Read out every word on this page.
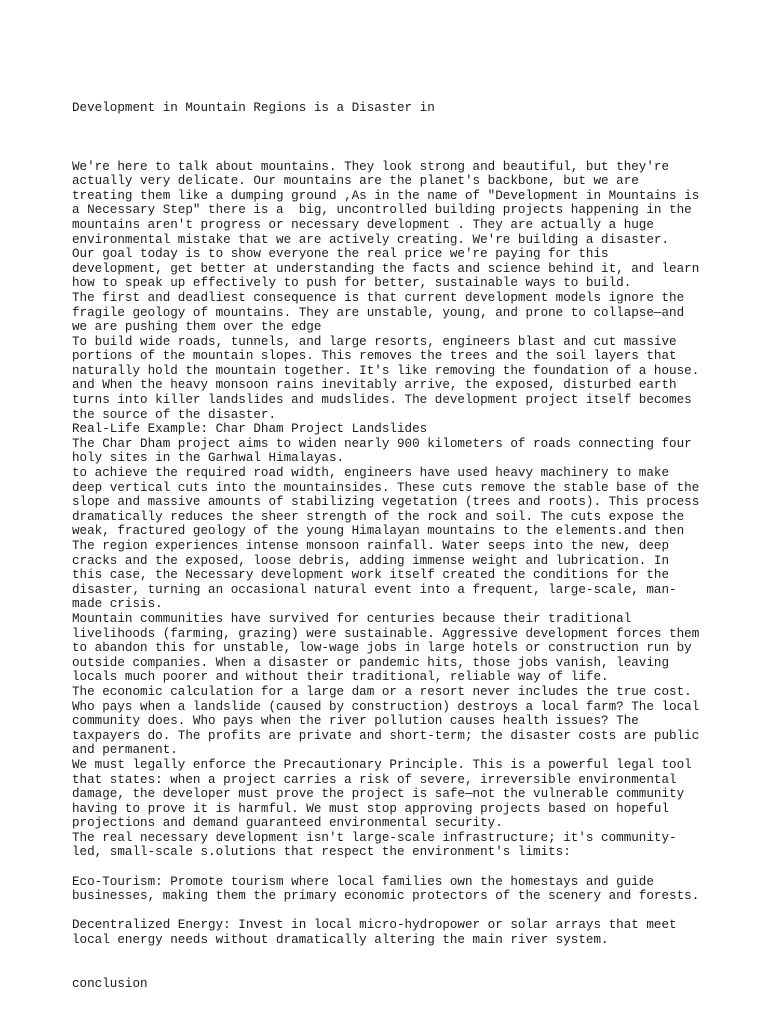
Development in Mountain Regions is a Disaster in

We're here to talk about mountains. They look strong and beautiful, but they're
actually very delicate. Our mountains are the planet's backbone, but we are
treating them like a dumping ground ,As in the name of "Development in Mountains is
a Necessary Step" there is a  big, uncontrolled building projects happening in the
mountains aren't progress or necessary development . They are actually a huge
environmental mistake that we are actively creating. We're building a disaster.
Our goal today is to show everyone the real price we're paying for this
development, get better at understanding the facts and science behind it, and learn
how to speak up effectively to push for better, sustainable ways to build.
The first and deadliest consequence is that current development models ignore the
fragile geology of mountains. They are unstable, young, and prone to collapse—and
we are pushing them over the edge
To build wide roads, tunnels, and large resorts, engineers blast and cut massive
portions of the mountain slopes. This removes the trees and the soil layers that
naturally hold the mountain together. It's like removing the foundation of a house.
and When the heavy monsoon rains inevitably arrive, the exposed, disturbed earth
turns into killer landslides and mudslides. The development project itself becomes
the source of the disaster.
Real-Life Example: Char Dham Project Landslides
The Char Dham project aims to widen nearly 900 kilometers of roads connecting four
holy sites in the Garhwal Himalayas.
to achieve the required road width, engineers have used heavy machinery to make
deep vertical cuts into the mountainsides. These cuts remove the stable base of the
slope and massive amounts of stabilizing vegetation (trees and roots). This process
dramatically reduces the sheer strength of the rock and soil. The cuts expose the
weak, fractured geology of the young Himalayan mountains to the elements.and then
The region experiences intense monsoon rainfall. Water seeps into the new, deep
cracks and the exposed, loose debris, adding immense weight and lubrication. In
this case, the Necessary development work itself created the conditions for the
disaster, turning an occasional natural event into a frequent, large-scale, man-
made crisis.
Mountain communities have survived for centuries because their traditional
livelihoods (farming, grazing) were sustainable. Aggressive development forces them
to abandon this for unstable, low-wage jobs in large hotels or construction run by
outside companies. When a disaster or pandemic hits, those jobs vanish, leaving
locals much poorer and without their traditional, reliable way of life.
The economic calculation for a large dam or a resort never includes the true cost.
Who pays when a landslide (caused by construction) destroys a local farm? The local
community does. Who pays when the river pollution causes health issues? The
taxpayers do. The profits are private and short-term; the disaster costs are public
and permanent.
We must legally enforce the Precautionary Principle. This is a powerful legal tool
that states: when a project carries a risk of severe, irreversible environmental
damage, the developer must prove the project is safe—not the vulnerable community
having to prove it is harmful. We must stop approving projects based on hopeful
projections and demand guaranteed environmental security.
The real necessary development isn't large-scale infrastructure; it's community-
led, small-scale s.olutions that respect the environment's limits:
Eco-Tourism: Promote tourism where local families own the homestays and guide
businesses, making them the primary economic protectors of the scenery and forests.
Decentralized Energy: Invest in local micro-hydropower or solar arrays that meet
local energy needs without dramatically altering the main river system.
conclusion
